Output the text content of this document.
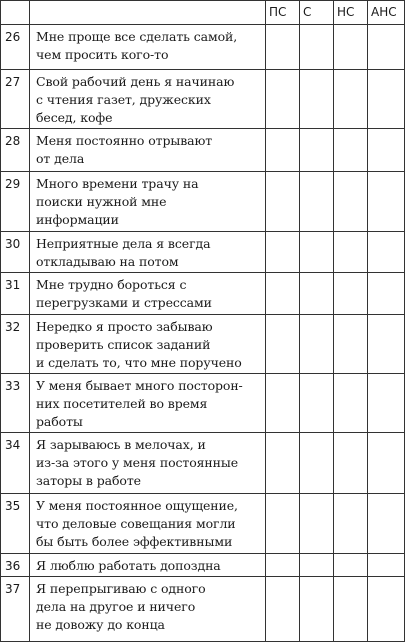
		ПС	С	НС	АНС
26	Мне проще все сделать самой,
чем просить кого-то				
27	Свой рабочий день я начинаю
с чтения газет, дружеских
бесед, кофе				
28	Меня постоянно отрывают
от дела				
29	Много времени трачу на
поиски нужной мне
информации				
30	Неприятные дела я всегда
откладываю на потом				
31	Мне трудно бороться с
перегрузками и стрессами				
32	Нередко я просто забываю
проверить список заданий
и сделать то, что мне поручено				
33	У меня бывает много посторон-
них посетителей во время
работы				
34	Я зарываюсь в мелочах, и
из-за этого у меня постоянные
заторы в работе				
35	У меня постоянное ощущение,
что деловые совещания могли
бы быть более эффективными				
36	Я люблю работать допоздна				
37	Я перепрыгиваю с одного
дела на другое и ничего
не довожу до конца				
